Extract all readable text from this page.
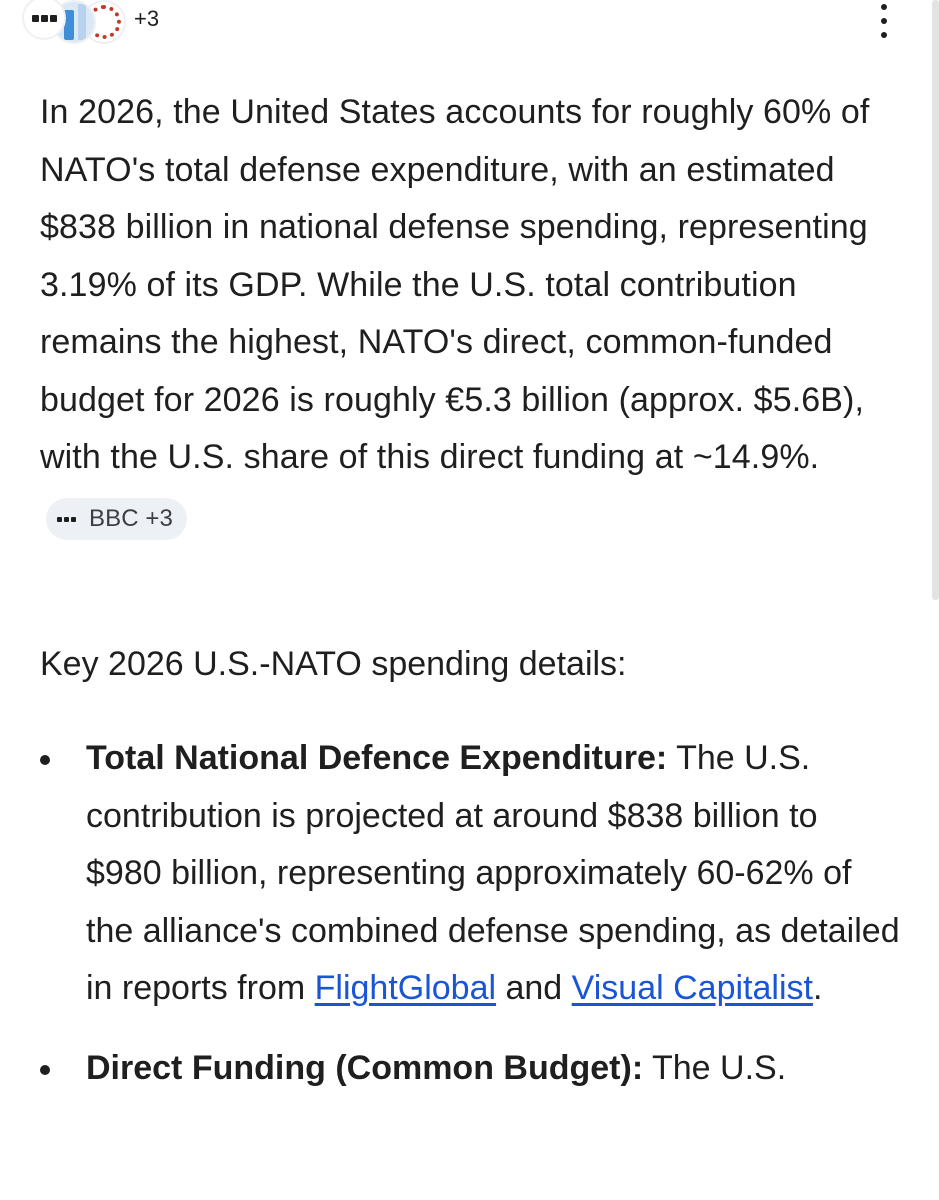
+3

In 2026, the United States accounts for roughly 60% of NATO's total defense expenditure, with an estimated $838 billion in national defense spending, representing 3.19% of its GDP. While the U.S. total contribution remains the highest, NATO's direct, common-funded budget for 2026 is roughly €5.3 billion (approx. $5.6B), with the U.S. share of this direct funding at ~14.9%.
BBC +3

Key 2026 U.S.-NATO spending details:
Total National Defence Expenditure: The U.S. contribution is projected at around $838 billion to $980 billion, representing approximately 60-62% of the alliance's combined defense spending, as detailed in reports from FlightGlobal and Visual Capitalist.
Direct Funding (Common Budget): The U.S.
